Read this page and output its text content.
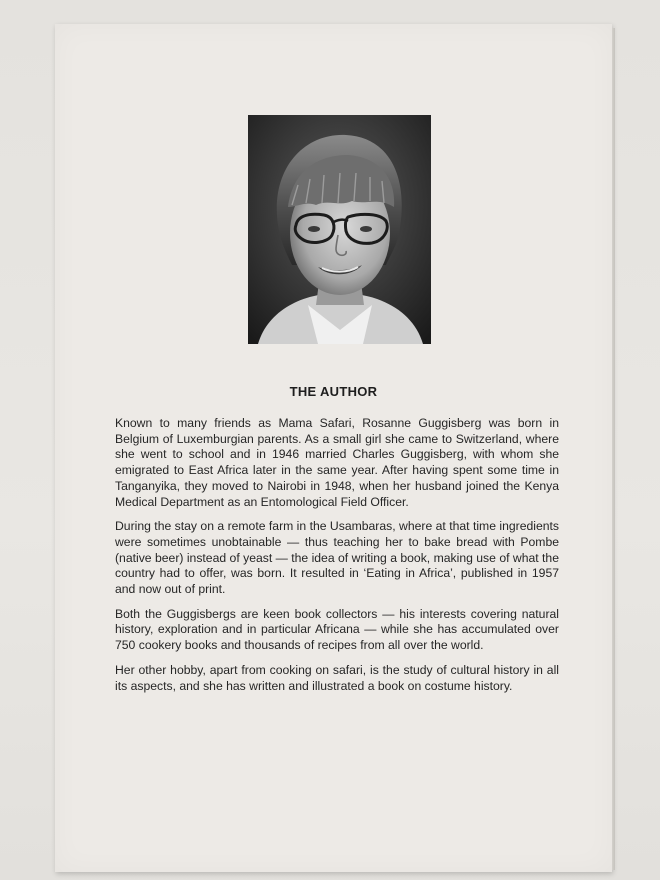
THE AUTHOR

Known to many friends as Mama Safari, Rosanne Guggisberg was born in Belgium of Luxemburgian parents. As a small girl she came to Switzerland, where she went to school and in 1946 married Charles Guggisberg, with whom she emigrated to East Africa later in the same year. After having spent some time in Tanganyika, they moved to Nairobi in 1948, when her husband joined the Kenya Medical Department as an Entomological Field Officer.

During the stay on a remote farm in the Usambaras, where at that time ingredients were sometimes unobtainable — thus teaching her to bake bread with Pombe (native beer) instead of yeast — the idea of writing a book, making use of what the country had to offer, was born. It resulted in ‘Eating in Africa’, published in 1957 and now out of print.

Both the Guggisbergs are keen book collectors — his interests covering natural history, exploration and in particular Africana — while she has accumulated over 750 cookery books and thousands of recipes from all over the world.

Her other hobby, apart from cooking on safari, is the study of cultural history in all its aspects, and she has written and illustrated a book on costume history.
